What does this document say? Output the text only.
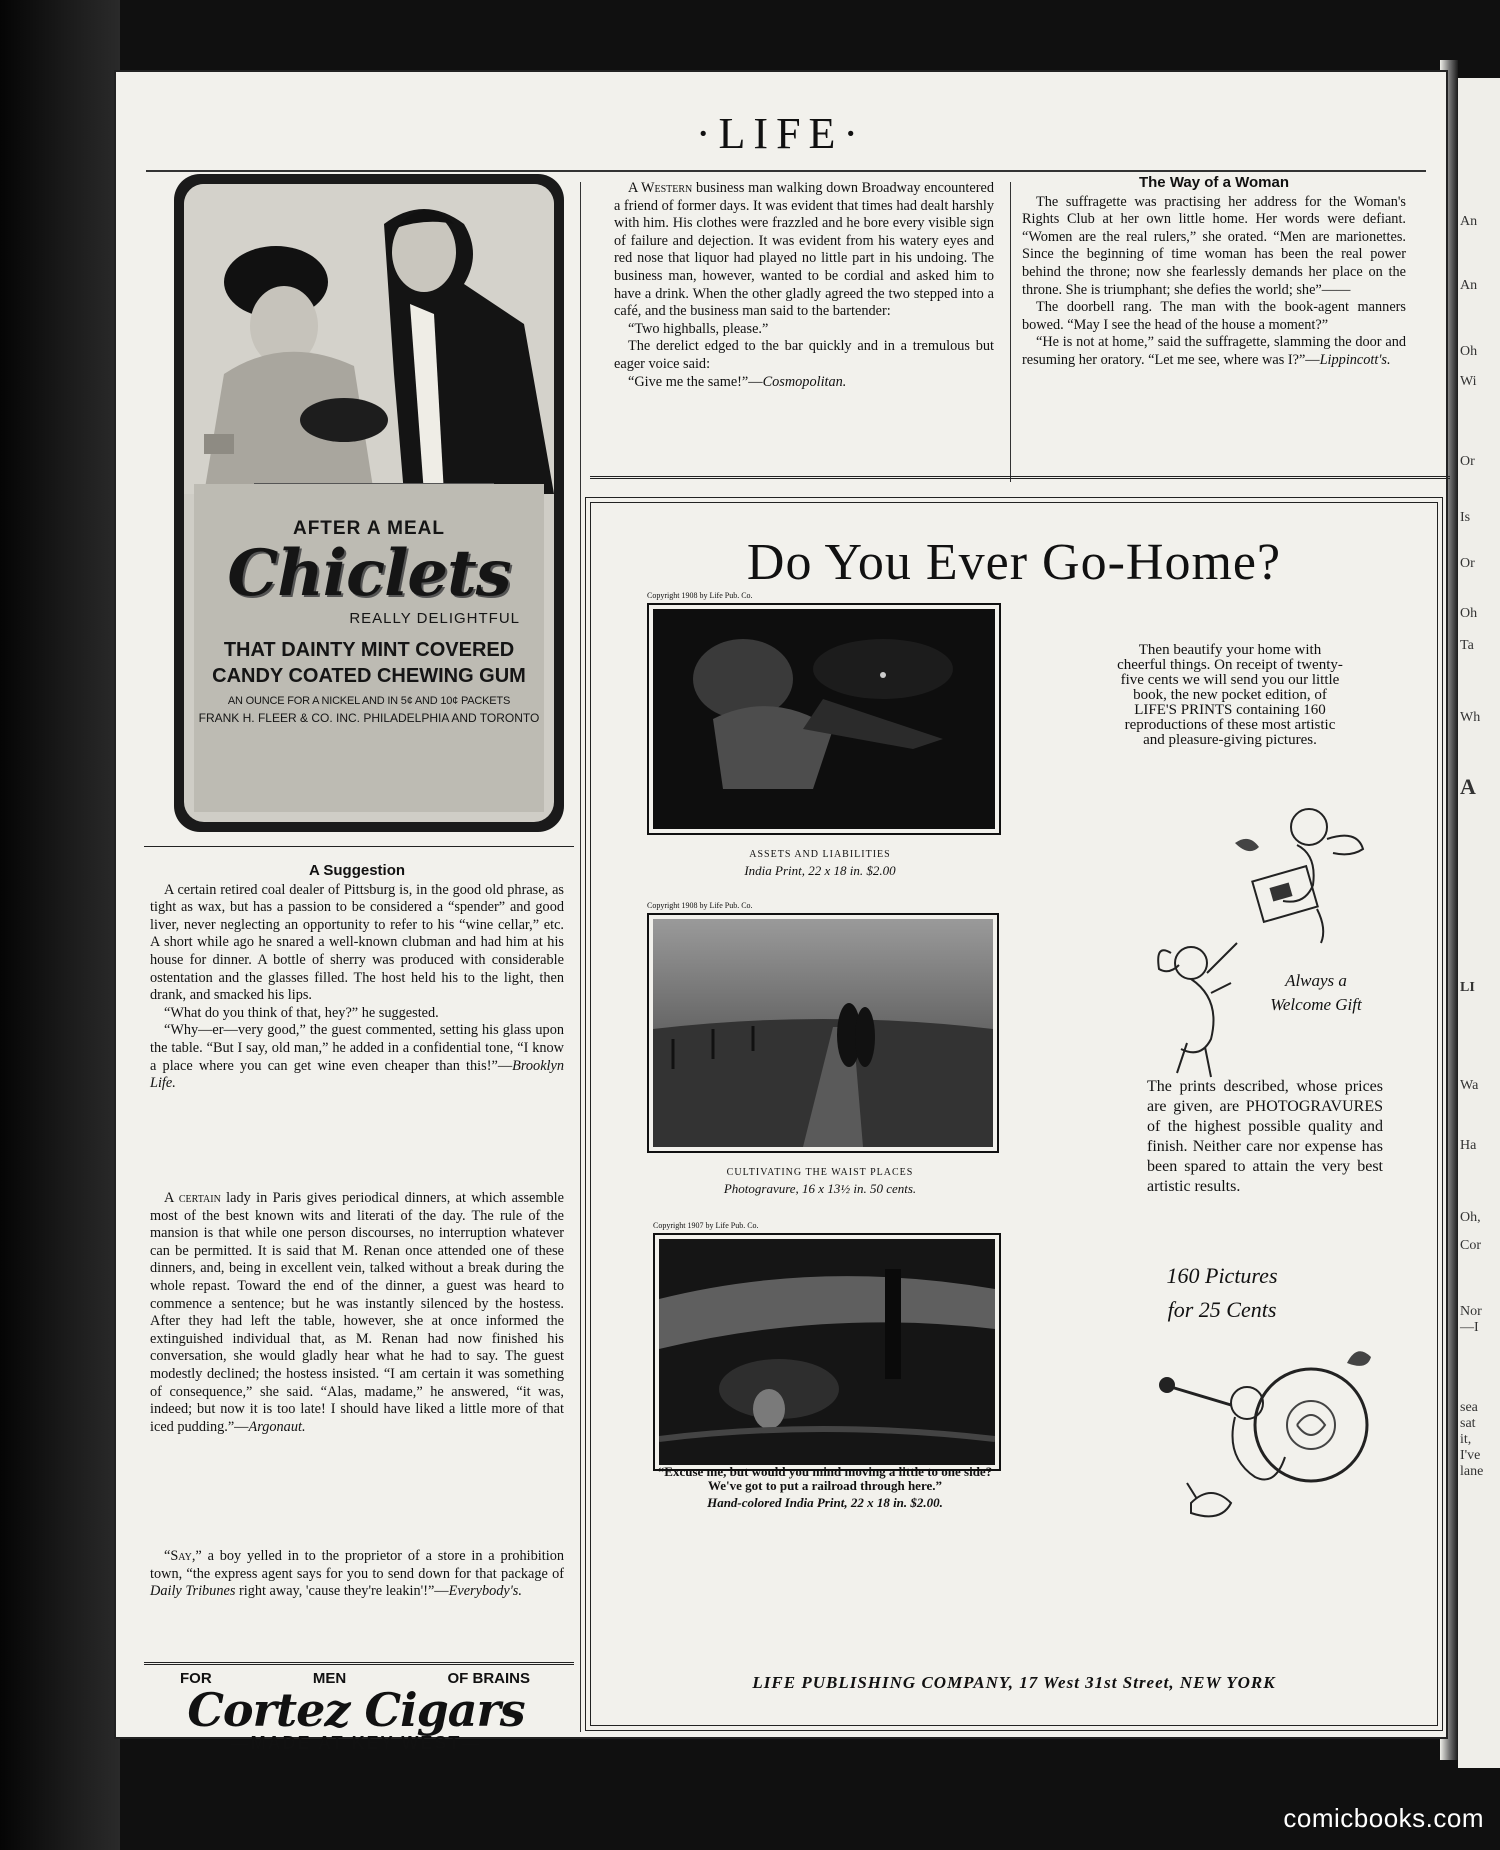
An
An
Oh
Wi
Or
Is
Or
Oh
Ta
Wh
A
LI
Wa
Ha
Oh,
Cor
Nor
—I
sea
sat
it,
I've
lane
·LIFE·
AFTER A MEAL
Chiclets
REALLY DELIGHTFUL
THAT DAINTY MINT COVERED
CANDY COATED CHEWING GUM
AN OUNCE FOR A NICKEL AND IN 5¢ AND 10¢ PACKETS
FRANK H. FLEER & CO. INC. PHILADELPHIA AND TORONTO

A Western business man walking down Broadway encountered a friend of former days. It was evident that times had dealt harshly with him. His clothes were frazzled and he bore every visible sign of failure and dejection. It was evident from his watery eyes and red nose that liquor had played no little part in his undoing. The business man, however, wanted to be cordial and asked him to have a drink. When the other gladly agreed the two stepped into a café, and the business man said to the bartender:

“Two highballs, please.”

The derelict edged to the bar quickly and in a tremulous but eager voice said:

“Give me the same!”—Cosmopolitan.

The Way of a Woman

The suffragette was practising her address for the Woman's Rights Club at her own little home. Her words were defiant. “Women are the real rulers,” she orated. “Men are marionettes. Since the beginning of time woman has been the real power behind the throne; now she fearlessly demands her place on the throne. She is triumphant; she defies the world; she”——

The doorbell rang. The man with the book-agent manners bowed. “May I see the head of the house a moment?”

“He is not at home,” said the suffragette, slamming the door and resuming her oratory. “Let me see, where was I?”—Lippincott's.

A Suggestion

A certain retired coal dealer of Pittsburg is, in the good old phrase, as tight as wax, but has a passion to be considered a “spender” and good liver, never neglecting an opportunity to refer to his “wine cellar,” etc. A short while ago he snared a well-known clubman and had him at his house for dinner. A bottle of sherry was produced with considerable ostentation and the glasses filled. The host held his to the light, then drank, and smacked his lips.

“What do you think of that, hey?” he suggested.

“Why—er—very good,” the guest commented, setting his glass upon the table. “But I say, old man,” he added in a confidential tone, “I know a place where you can get wine even cheaper than this!”—Brooklyn Life.

A certain lady in Paris gives periodical dinners, at which assemble most of the best known wits and literati of the day. The rule of the mansion is that while one person discourses, no interruption whatever can be permitted. It is said that M. Renan once attended one of these dinners, and, being in excellent vein, talked without a break during the whole repast. Toward the end of the dinner, a guest was heard to commence a sentence; but he was instantly silenced by the hostess. After they had left the table, however, she at once informed the extinguished individual that, as M. Renan had now finished his conversation, she would gladly hear what he had to say. The guest modestly declined; the hostess insisted. “I am certain it was something of consequence,” she said. “Alas, madame,” he answered, “it was, indeed; but now it is too late! I should have liked a little more of that iced pudding.”—Argonaut.

“Say,” a boy yelled in to the proprietor of a store in a prohibition town, “the express agent says for you to send down for that package of Daily Tribunes right away, 'cause they're leakin'!”—Everybody's.

FOR	MEN	OF BRAINS
Cortez Cigars
—MADE AT KEY WEST—
Do You Ever Go-Home?
Copyright 1908 by Life Pub. Co.
ASSETS AND LIABILITIES
India Print, 22 x 18 in. $2.00
Copyright 1908 by Life Pub. Co.
CULTIVATING THE WAIST PLACES
Photogravure, 16 x 13½ in. 50 cents.
Copyright 1907 by Life Pub. Co.
“Excuse me, but would you mind moving a little to one side? We've got to put a railroad through here.”
Hand-colored India Print, 22 x 18 in. $2.00.
Then beautify your home with cheerful things. On receipt of twenty-five cents we will send you our little book, the new pocket edition, of LIFE'S PRINTS containing 160 reproductions of these most artistic and pleasure-giving pictures.
Always a Welcome Gift
The prints described, whose prices are given, are PHOTOGRAVURES of the highest possible quality and finish. Neither care nor expense has been spared to attain the very best artistic results.
160 Pictures
for 25 Cents
LIFE PUBLISHING COMPANY, 17 West 31st Street, NEW YORK
comicbooks.com
